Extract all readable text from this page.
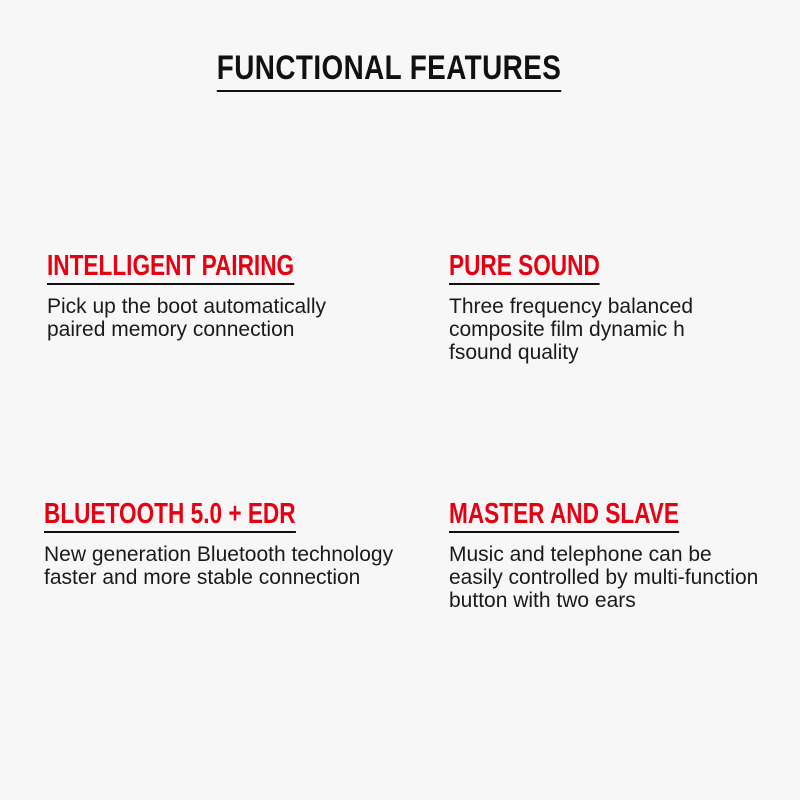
FUNCTIONAL FEATURES
INTELLIGENT PAIRING
Pick up the boot automatically
paired memory connection
PURE SOUND
Three frequency balanced
composite film dynamic h
fsound quality
BLUETOOTH 5.0 + EDR
New generation Bluetooth technology
faster and more stable connection
MASTER AND SLAVE
Music and telephone can be
easily controlled by multi-function
button with two ears
